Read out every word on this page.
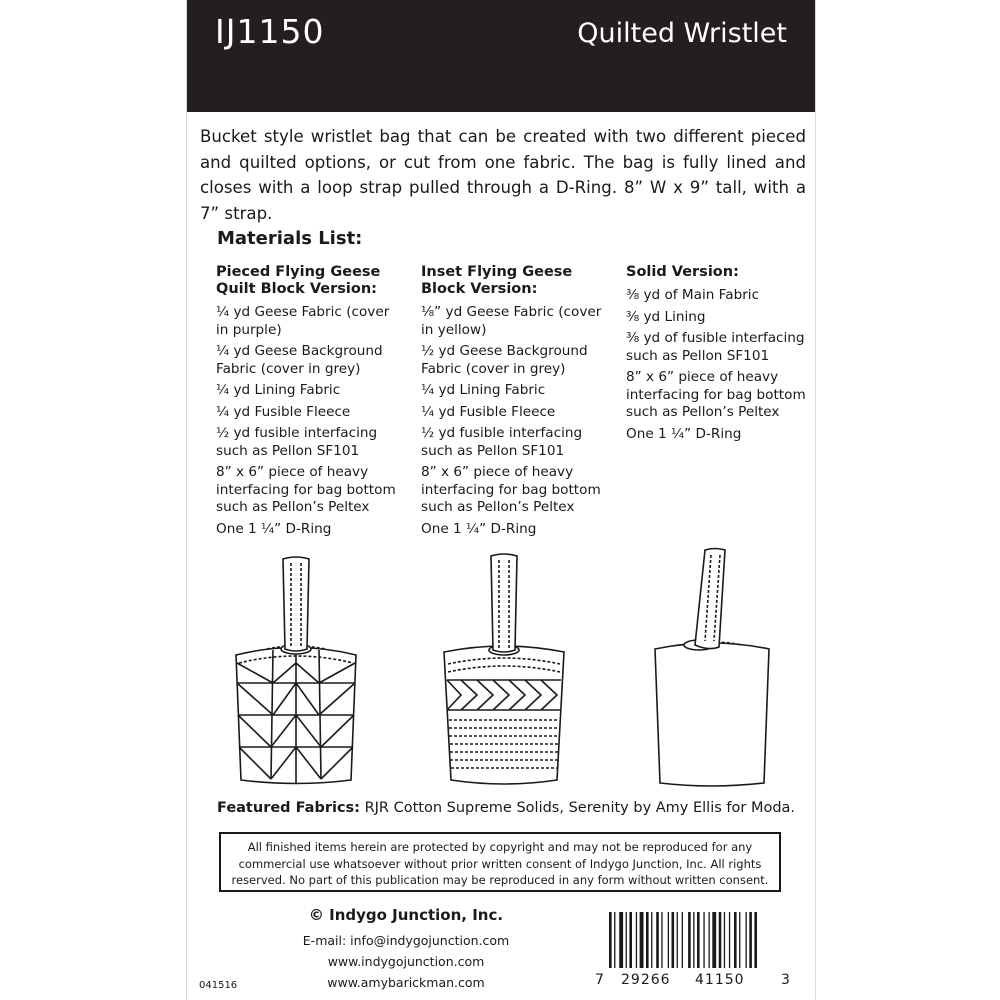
IJ1150	Quilted Wristlet
Bucket style wristlet bag that can be created with two different pieced and quilted options, or cut from one fabric. The bag is fully lined and closes with a loop strap pulled through a D-Ring. 8” W x 9” tall, with a 7” strap.
Materials List:
Pieced Flying Geese
Quilt Block Version:
¼ yd Geese Fabric (cover in purple)
¼ yd Geese Background Fabric (cover in grey)
¼ yd Lining Fabric
¼ yd Fusible Fleece
½ yd fusible interfacing such as Pellon SF101
8” x 6” piece of heavy interfacing for bag bottom such as Pellon’s Peltex
One 1 ¼” D-Ring
Inset Flying Geese
Block Version:
⅛” yd Geese Fabric (cover in yellow)
½ yd Geese Background Fabric (cover in grey)
¼ yd Lining Fabric
¼ yd Fusible Fleece
½ yd fusible interfacing such as Pellon SF101
8” x 6” piece of heavy interfacing for bag bottom such as Pellon’s Peltex
One 1 ¼” D-Ring
Solid Version:
⅜ yd of Main Fabric
⅜ yd Lining
⅜ yd of fusible interfacing such as Pellon SF101
8” x 6” piece of heavy interfacing for bag bottom such as Pellon’s Peltex
One 1 ¼” D-Ring
Featured Fabrics: RJR Cotton Supreme Solids, Serenity by Amy Ellis for Moda.
All finished items herein are protected by copyright and may not be reproduced for any commercial use whatsoever without prior written consent of Indygo Junction, Inc. All rights reserved. No part of this publication may be reproduced in any form without written consent.
© Indygo Junction, Inc.
E-mail: info@indygojunction.com
www.indygojunction.com
www.amybarickman.com
041516	7 29266 41150	3
